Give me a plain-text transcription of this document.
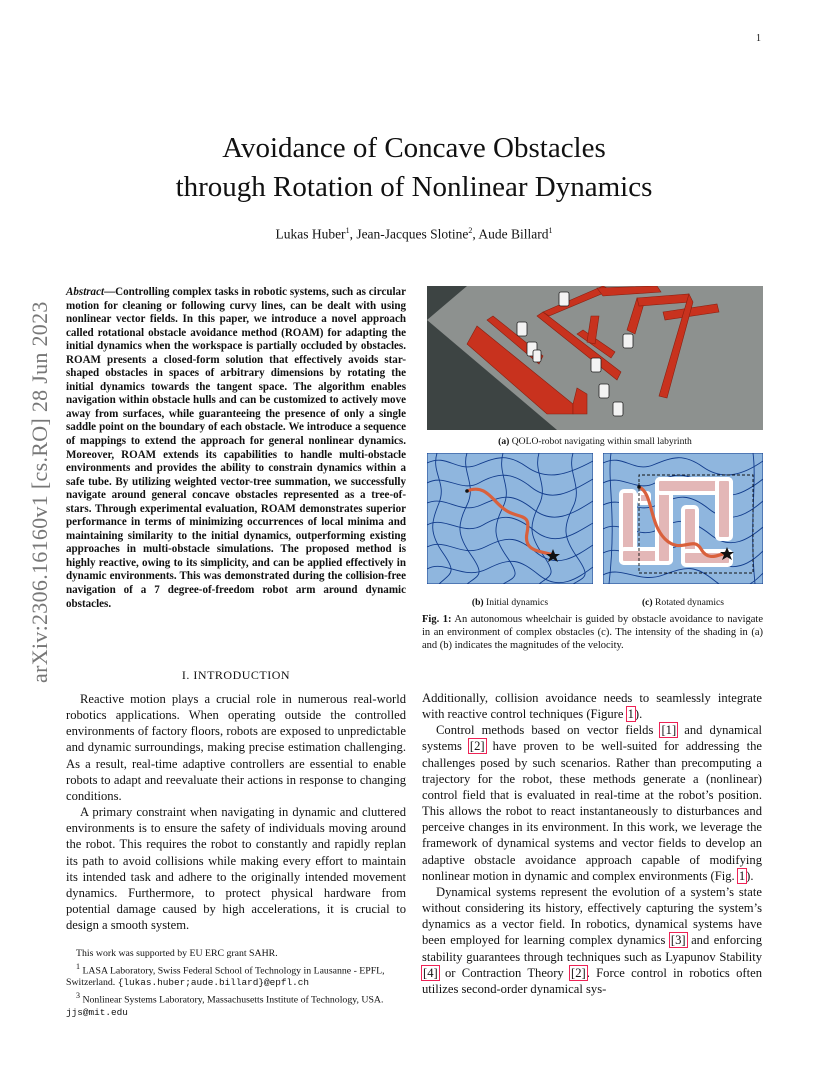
1
arXiv:2306.16160v1 [cs.RO] 28 Jun 2023
Avoidance of Concave Obstacles
through Rotation of Nonlinear Dynamics
Lukas Huber$^1$, Jean-Jacques Slotine$^2$, Aude Billard$^1$
Abstract—Controlling complex tasks in robotic systems, such as circular motion for cleaning or following curvy lines, can be dealt with using nonlinear vector fields. In this paper, we introduce a novel approach called rotational obstacle avoidance method (ROAM) for adapting the initial dynamics when the workspace is partially occluded by obstacles. ROAM presents a closed-form solution that effectively avoids star-shaped obstacles in spaces of arbitrary dimensions by rotating the initial dynamics towards the tangent space. The algorithm enables navigation within obstacle hulls and can be customized to actively move away from surfaces, while guaranteeing the presence of only a single saddle point on the boundary of each obstacle. We introduce a sequence of mappings to extend the approach for general nonlinear dynamics. Moreover, ROAM extends its capabilities to handle multi-obstacle environments and provides the ability to constrain dynamics within a safe tube. By utilizing weighted vector-tree summation, we successfully navigate around general concave obstacles represented as a tree-of-stars. Through experimental evaluation, ROAM demonstrates superior performance in terms of minimizing occurrences of local minima and maintaining similarity to the initial dynamics, outperforming existing approaches in multi-obstacle simulations. The proposed method is highly reactive, owing to its simplicity, and can be applied effectively in dynamic environments. This was demonstrated during the collision-free navigation of a 7 degree-of-freedom robot arm around dynamic obstacles.
(a) QOLO-robot navigating within small labyrinth
(b) Initial dynamics	(c) Rotated dynamics
Fig. 1: An autonomous wheelchair is guided by obstacle avoidance to navigate in an environment of complex obstacles (c). The intensity of the shading in (a) and (b) indicates the magnitudes of the velocity.
I. INTRODUCTION

Reactive motion plays a crucial role in numerous real-world robotics applications. When operating outside the controlled environments of factory floors, robots are exposed to unpredictable and dynamic surroundings, making precise estimation challenging. As a result, real-time adaptive controllers are essential to enable robots to adapt and reevaluate their actions in response to changing conditions.

A primary constraint when navigating in dynamic and cluttered environments is to ensure the safety of individuals moving around the robot. This requires the robot to constantly and rapidly replan its path to avoid collisions while making every effort to maintain its intended task and adhere to the originally intended movement dynamics. Furthermore, to protect physical hardware from potential damage caused by high accelerations, it is crucial to design a smooth system.

This work was supported by EU ERC grant SAHR.
$^1$ LASA Laboratory, Swiss Federal School of Technology in Lausanne - EPFL, Switzerland. {lukas.huber;aude.billard}@epfl.ch
$^3$ Nonlinear Systems Laboratory, Massachusetts Institute of Technology, USA. jjs@mit.edu

Additionally, collision avoidance needs to seamlessly integrate with reactive control techniques (Figure 1).

Control methods based on vector fields [1] and dynamical systems [2] have proven to be well-suited for addressing the challenges posed by such scenarios. Rather than precomputing a trajectory for the robot, these methods generate a (nonlinear) control field that is evaluated in real-time at the robot’s position. This allows the robot to react instantaneously to disturbances and perceive changes in its environment. In this work, we leverage the framework of dynamical systems and vector fields to develop an adaptive obstacle avoidance approach capable of modifying nonlinear motion in dynamic and complex environments (Fig. 1).

Dynamical systems represent the evolution of a system’s state without considering its history, effectively capturing the system’s dynamics as a vector field. In robotics, dynamical systems have been employed for learning complex dynamics [3] and enforcing stability guarantees through techniques such as Lyapunov Stability [4] or Contraction Theory [2]. Force control in robotics often utilizes second-order dynamical sys-
